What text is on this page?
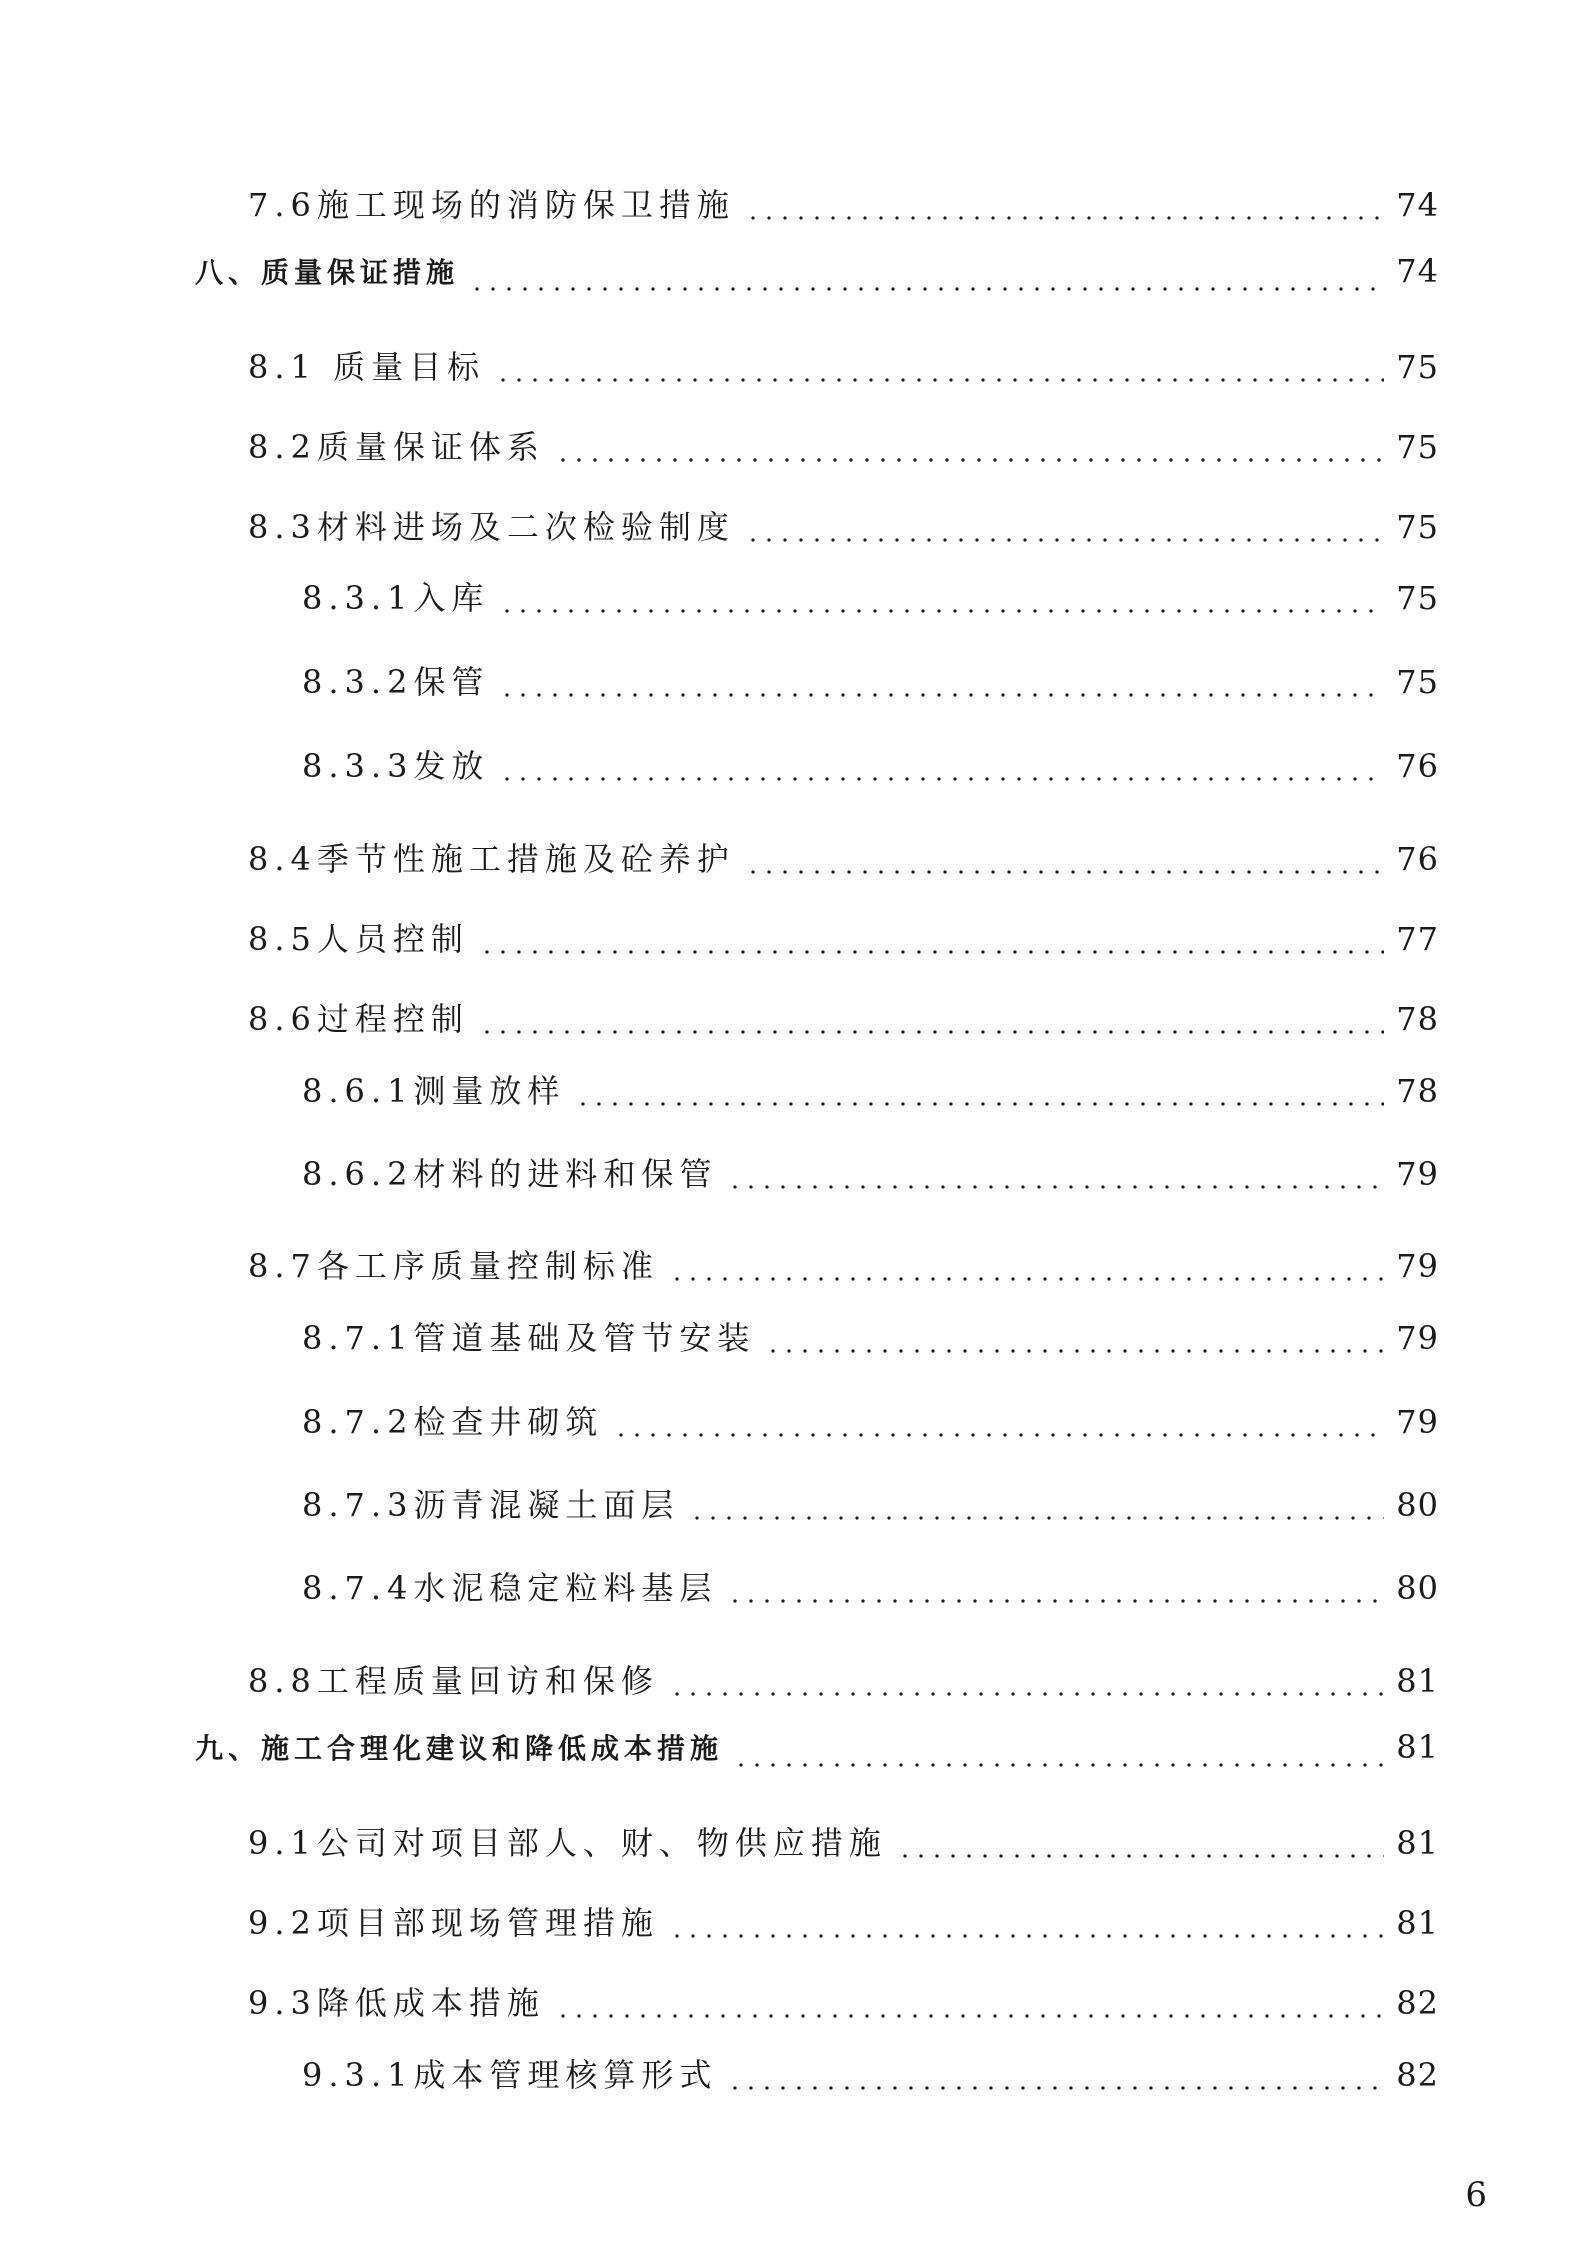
7.6施工现场的消防保卫措施	74
八、质量保证措施	74
8.1 质量目标	75
8.2质量保证体系	75
8.3材料进场及二次检验制度	75
8.3.1入库	75
8.3.2保管	75
8.3.3发放	76
8.4季节性施工措施及砼养护	76
8.5人员控制	77
8.6过程控制	78
8.6.1测量放样	78
8.6.2材料的进料和保管	79
8.7各工序质量控制标准	79
8.7.1管道基础及管节安装	79
8.7.2检查井砌筑	79
8.7.3沥青混凝土面层	80
8.7.4水泥稳定粒料基层	80
8.8工程质量回访和保修	81
九、施工合理化建议和降低成本措施	81
9.1公司对项目部人、财、物供应措施	81
9.2项目部现场管理措施	81
9.3降低成本措施	82
9.3.1成本管理核算形式	82
6
